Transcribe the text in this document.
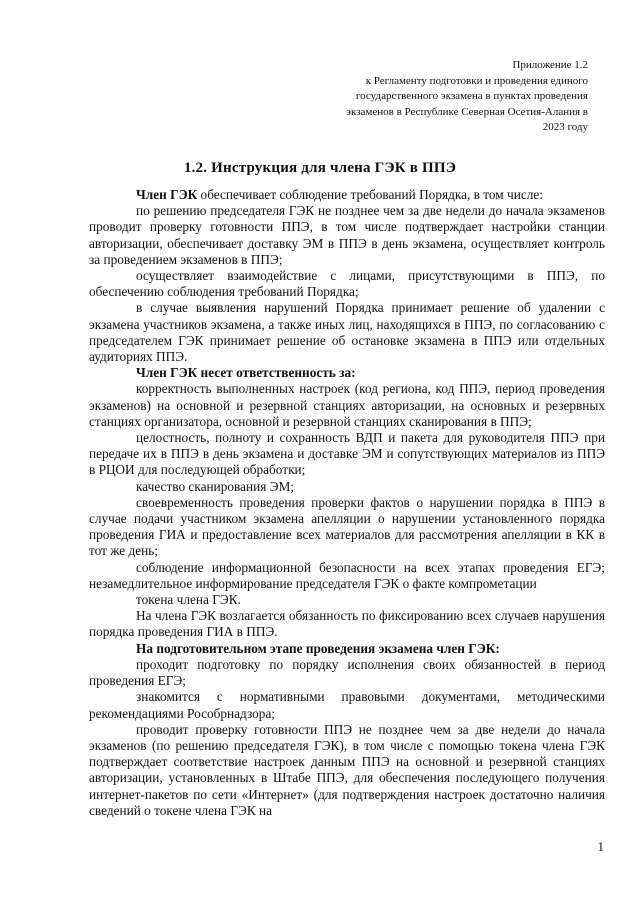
Приложение 1.2
к Регламенту подготовки и проведения единого
государственного экзамена в пунктах проведения
экзаменов в Республике Северная Осетия-Алания в
2023 году
1.2. Инструкция для члена ГЭК в ППЭ

Член ГЭК обеспечивает соблюдение требований Порядка, в том числе:

по решению председателя ГЭК не позднее чем за две недели до начала экзаменов проводит проверку готовности ППЭ, в том числе подтверждает настройки станции авторизации, обеспечивает доставку ЭМ в ППЭ в день экзамена, осуществляет контроль за проведением экзаменов в ППЭ;

осуществляет взаимодействие с лицами, присутствующими в ППЭ, по обеспечению соблюдения требований Порядка;

в случае выявления нарушений Порядка принимает решение об удалении с экзамена участников экзамена, а также иных лиц, находящихся в ППЭ, по согласованию с председателем ГЭК принимает решение об остановке экзамена в ППЭ или отдельных аудиториях ППЭ.

Член ГЭК несет ответственность за:

корректность выполненных настроек (код региона, код ППЭ, период проведения экзаменов) на основной и резервной станциях авторизации, на основных и резервных станциях организатора, основной и резервной станциях сканирования в ППЭ;

целостность, полноту и сохранность ВДП и пакета для руководителя ППЭ при передаче их в ППЭ в день экзамена и доставке ЭМ и сопутствующих материалов из ППЭ в РЦОИ для последующей обработки;

качество сканирования ЭМ;

своевременность проведения проверки фактов о нарушении порядка в ППЭ в случае подачи участником экзамена апелляции о нарушении установленного порядка проведения ГИА и предоставление всех материалов для рассмотрения апелляции в КК в тот же день;

соблюдение информационной безопасности на всех этапах проведения ЕГЭ; незамедлительное информирование председателя ГЭК о факте компрометации

токена члена ГЭК.

На члена ГЭК возлагается обязанность по фиксированию всех случаев нарушения порядка проведения ГИА в ППЭ.

На подготовительном этапе проведения экзамена член ГЭК:

проходит подготовку по порядку исполнения своих обязанностей в период проведения ЕГЭ;

знакомится с нормативными правовыми документами, методическими рекомендациями Рособрнадзора;

проводит проверку готовности ППЭ не позднее чем за две недели до начала экзаменов (по решению председателя ГЭК), в том числе с помощью токена члена ГЭК подтверждает соответствие настроек данным ППЭ на основной и резервной станциях авторизации, установленных в Штабе ППЭ, для обеспечения последующего получения интернет-пакетов по сети «Интернет» (для подтверждения настроек достаточно наличия сведений о токене члена ГЭК на

1
